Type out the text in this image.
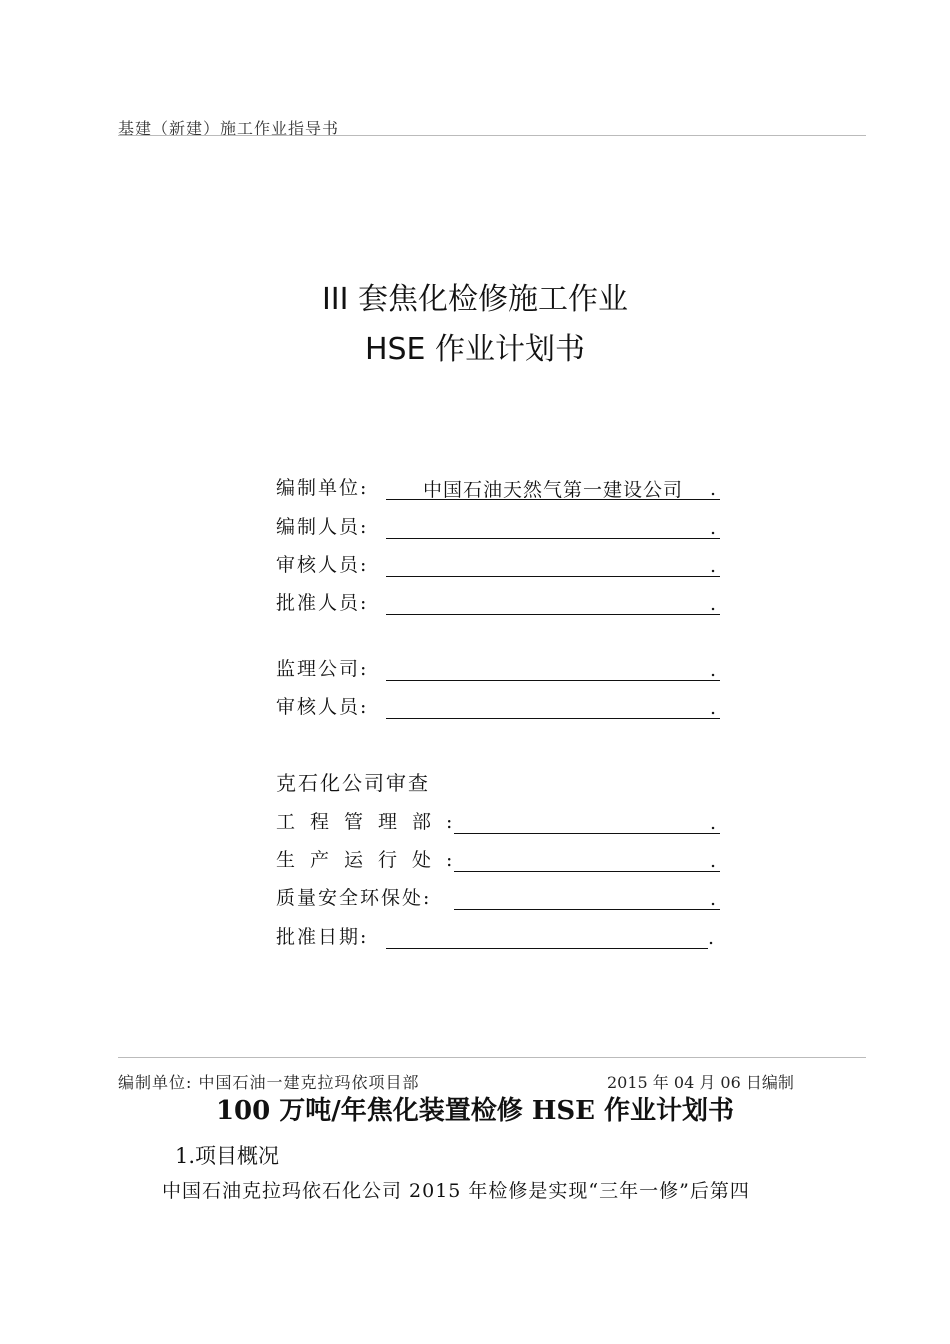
基建（新建）施工作业指导书
III 套焦化检修施工作业
HSE 作业计划书
编制单位:	中国石油天然气第一建设公司	.
编制人员:	.
审核人员:	.
批准人员:	.
监理公司:	.
审核人员:	.
克石化公司审查
工程管理部:	.
生产运行处:	.
质量安全环保处:	.
批准日期:	.
编制单位: 中国石油一建克拉玛依项目部	2015 年 04 月 06 日编制
100 万吨/年焦化装置检修 HSE 作业计划书
1.项目概况
中国石油克拉玛依石化公司 2015 年检修是实现“三年一修”后第四
